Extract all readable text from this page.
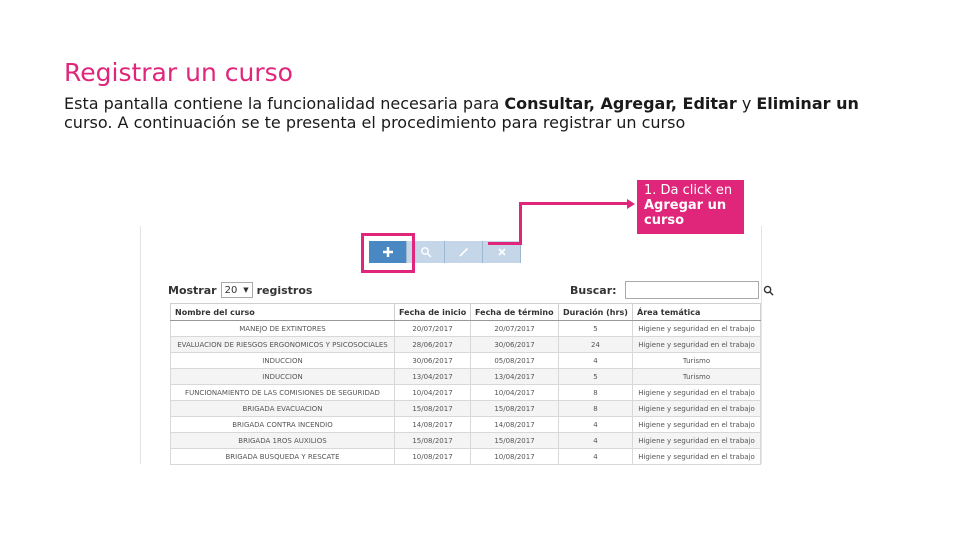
Registrar un curso

Esta pantalla contiene la funcionalidad necesaria para Consultar, Agregar, Editar y Eliminar un curso. A continuación se te presenta el procedimiento para registrar un curso

Mostrar 20 ▼ registros	Buscar:
Nombre del curso	Fecha de inicio	Fecha de término	Duración (hrs)	Área temática
MANEJO DE EXTINTORES	20/07/2017	20/07/2017	5	Higiene y seguridad en el trabajo
EVALUACION DE RIESGOS ERGONOMICOS Y PSICOSOCIALES	28/06/2017	30/06/2017	24	Higiene y seguridad en el trabajo
INDUCCION	30/06/2017	05/08/2017	4	Turismo
INDUCCION	13/04/2017	13/04/2017	5	Turismo
FUNCIONAMIENTO DE LAS COMISIONES DE SEGURIDAD	10/04/2017	10/04/2017	8	Higiene y seguridad en el trabajo
BRIGADA EVACUACION	15/08/2017	15/08/2017	8	Higiene y seguridad en el trabajo
BRIGADA CONTRA INCENDIO	14/08/2017	14/08/2017	4	Higiene y seguridad en el trabajo
BRIGADA 1ROS AUXILIOS	15/08/2017	15/08/2017	4	Higiene y seguridad en el trabajo
BRIGADA BUSQUEDA Y RESCATE	10/08/2017	10/08/2017	4	Higiene y seguridad en el trabajo
1. Da click en
Agregar un curso
